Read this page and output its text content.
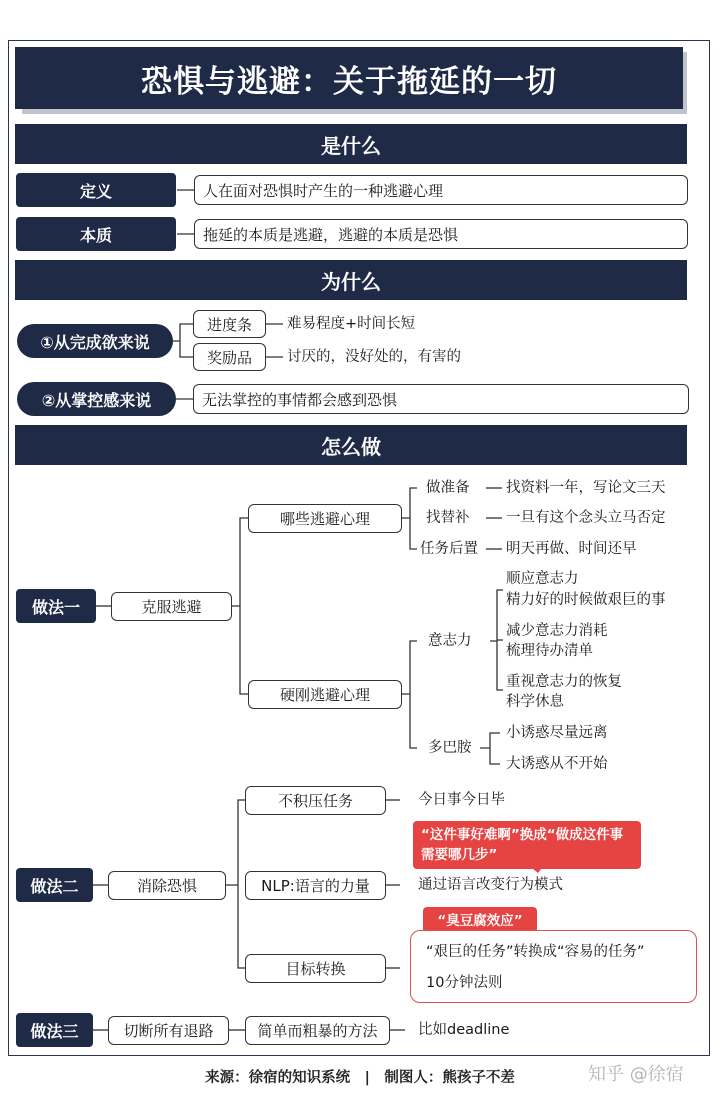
恐惧与逃避：关于拖延的一切
是什么
定义	人在面对恐惧时产生的一种逃避心理
本质	拖延的本质是逃避，逃避的本质是恐惧
为什么
①从完成欲来说
进度条	难易程度+时间长短
奖励品	讨厌的，没好处的，有害的
②从掌控感来说	无法掌控的事情都会感到恐惧
怎么做
做法一	克服逃避
哪些逃避心理
做准备	找资料一年，写论文三天
找替补	一旦有这个念头立马否定
任务后置 明天再做、时间还早
硬刚逃避心理
意志力
顺应意志力
精力好的时候做艰巨的事
减少意志力消耗
梳理待办清单
重视意志力的恢复
科学休息
多巴胺
小诱惑尽量远离
大诱惑从不开始
做法二	消除恐惧
不积压任务	今日事今日毕
“这件事好难啊”换成“做成这件事
需要哪几步”
NLP:语言的力量	通过语言改变行为模式
“臭豆腐效应”
“艰巨的任务”转换成“容易的任务”
10分钟法则
目标转换
做法三	切断所有退路	简单而粗暴的方法	比如deadline
来源：徐宿的知识系统　|　制图人：熊孩子不差	知乎 @徐宿
